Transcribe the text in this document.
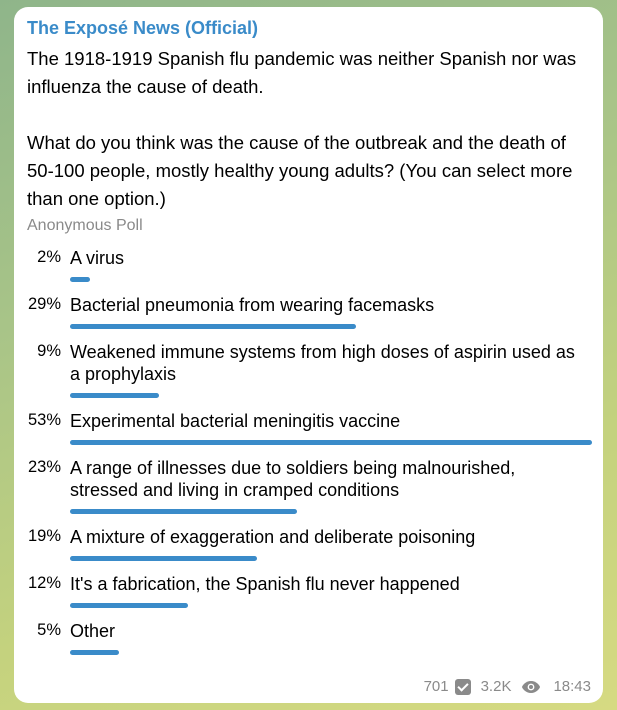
The Exposé News (Official)

The 1918-1919 Spanish flu pandemic was neither Spanish nor was influenza the cause of death.

What do you think was the cause of the outbreak and the death of 50-100 people, mostly healthy young adults? (You can select more than one option.)

Anonymous Poll
2% A virus
29% Bacterial pneumonia from wearing facemasks
9% Weakened immune systems from high doses of aspirin used as a prophylaxis
53% Experimental bacterial meningitis vaccine
23% A range of illnesses due to soldiers being malnourished, stressed and living in cramped conditions
19% A mixture of exaggeration and deliberate poisoning
12% It's a fabrication, the Spanish flu never happened
5% Other
701 3.2K	18:43
